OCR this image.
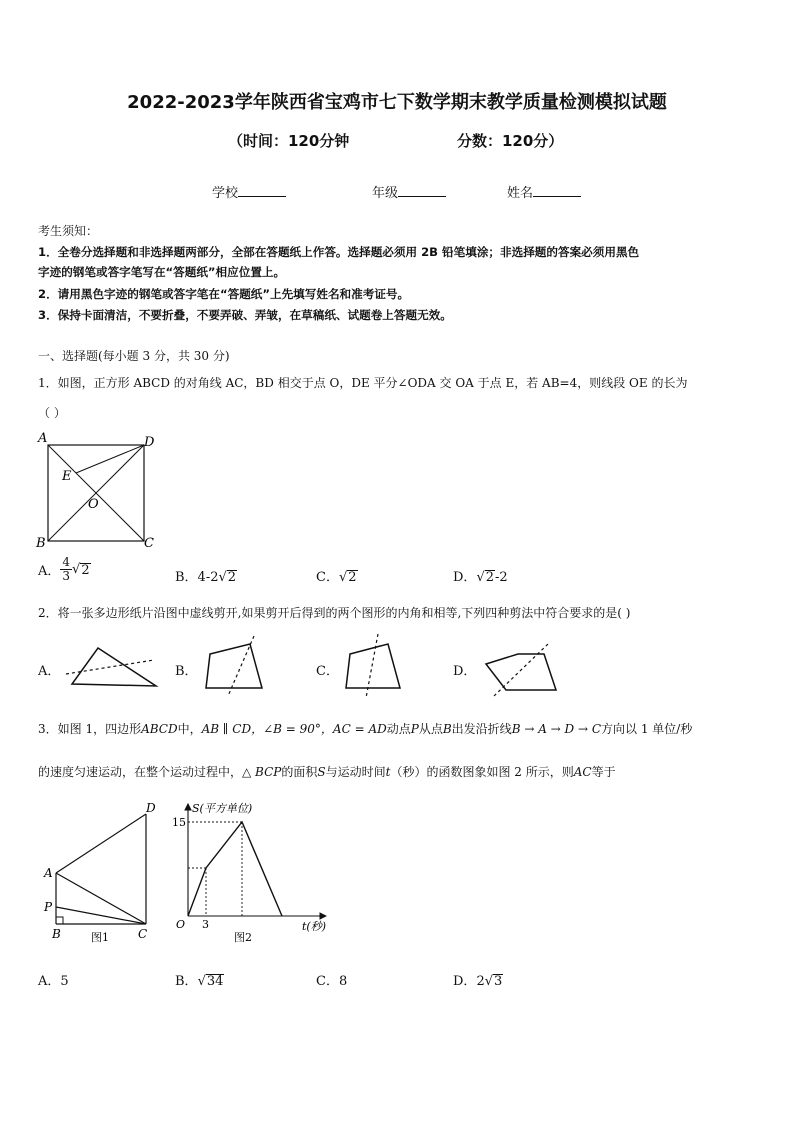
2022-2023学年陕西省宝鸡市七下数学期末教学质量检测模拟试题
（时间：120分钟	分数：120分）
学校	年级	姓名
考生须知：
1．全卷分选择题和非选择题两部分，全部在答题纸上作答。选择题必须用 2B 铅笔填涂；非选择题的答案必须用黑色
字迹的钢笔或答字笔写在“答题纸”相应位置上。
2．请用黑色字迹的钢笔或答字笔在“答题纸”上先填写姓名和准考证号。
3．保持卡面清洁，不要折叠，不要弄破、弄皱，在草稿纸、试题卷上答题无效。
一、选择题(每小题 3 分，共 30 分)
1．如图，正方形 ABCD 的对角线 AC，BD 相交于点 O，DE 平分∠ODA 交 OA 于点 E，若 AB=4，则线段 OE 的长为
（ ）
A	D
B	C
E
O
A． $\frac{4}{3} √2$	B．4-2√2	C．√2	D．√2-2
2．将一张多边形纸片沿图中虚线剪开,如果剪开后得到的两个图形的内角和相等,下列四种剪法中符合要求的是( )
A．	B．	C．	D．
3．如图 1，四边形ABCD中，AB ∥ CD，∠B = 90°，AC = AD动点P从点B出发沿折线B → A → D → C方向以 1 单位/秒
的速度匀速运动，在整个运动过程中，△ BCP的面积S与运动时间t（秒）的函数图象如图 2 所示，则AC等于
D
A
P
B	C
图1
S(平方单位)
15
O 3	t(秒)
图2
A．5	B．√34	C．8	D．2√3
